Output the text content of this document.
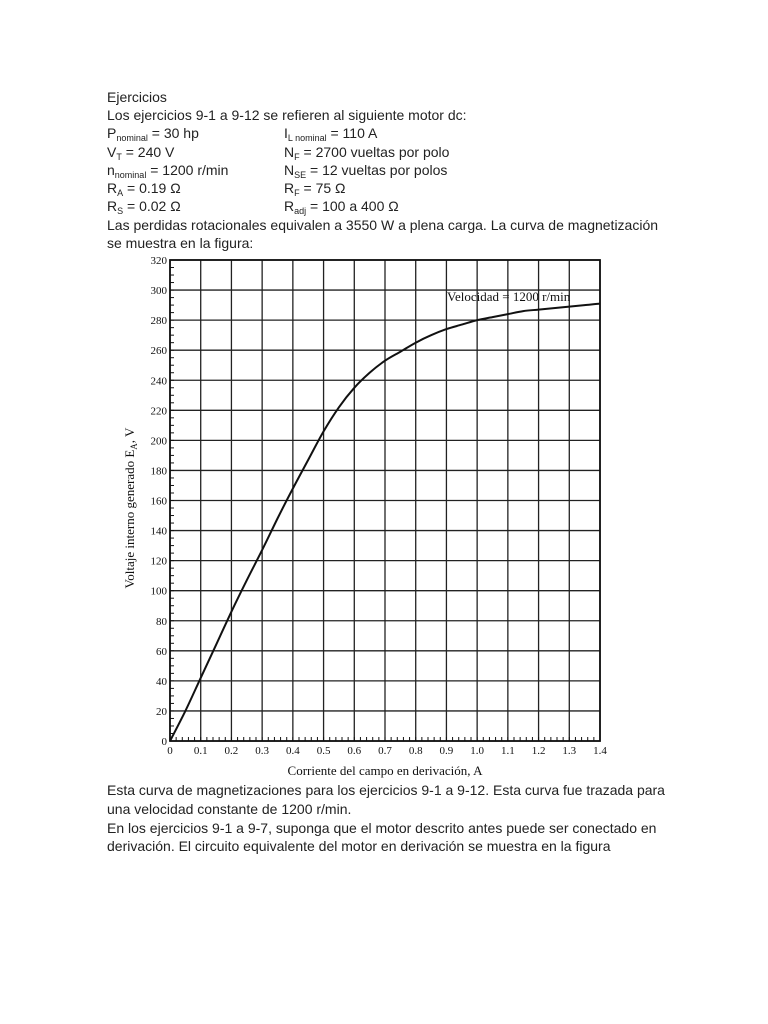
Ejercicios
Los ejercicios 9-1 a 9-12 se refieren al siguiente motor dc:
$P_{nominal} = 30$ hp	$I_{L nominal} = 110$ A
$V_T = 240$ V	$N_F = 2700$ vueltas por polo
$n_{nominal} = 1200$ r/min	$N_{SE} = 12$ vueltas por polos
$R_A = 0.19$ Ω	$R_F = 75$ Ω
$R_S = 0.02$ Ω	$R_{adj} = 100$ a 400 Ω
Las perdidas rotacionales equivalen a 3550 W a plena carga. La curva de magnetización
se muestra en la figura:
0 0.1 0.2 0.3 0.4 0.5 0.6 0.7 0.8 0.9 1.0 1.1 1.2 1.3 1.4
0
20
40
60
80
100
120
140
160
180
200
220
240
260
280
300
320
Velocidad = 1200 r/min
Corriente del campo en derivación, A
Voltaje interno generado $E_A$, V
Esta curva de magnetizaciones para los ejercicios 9-1 a 9-12. Esta curva fue trazada para
una velocidad constante de 1200 r/min.
En los ejercicios 9-1 a 9-7, suponga que el motor descrito antes puede ser conectado en
derivación. El circuito equivalente del motor en derivación se muestra en la figura
